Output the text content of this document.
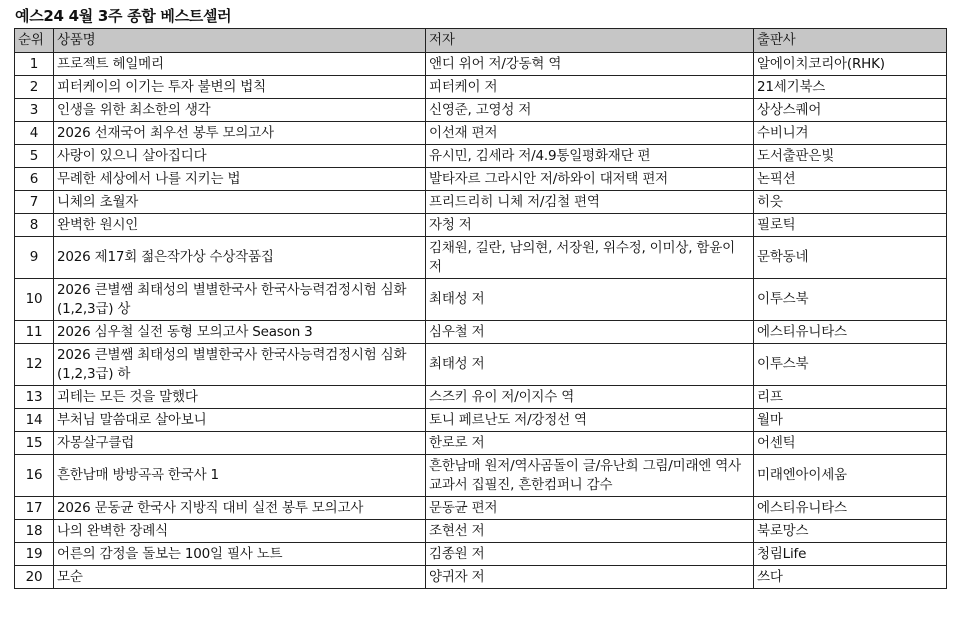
예스24 4월 3주 종합 베스트셀러
순위	상품명	저자	출판사
1	프로젝트 헤일메리	앤디 위어 저/강동혁 역	알에이치코리아(RHK)
2	피터케이의 이기는 투자 불변의 법칙	피터케이 저	21세기북스
3	인생을 위한 최소한의 생각	신영준, 고영성 저	상상스퀘어
4	2026 선재국어 최우선 봉투 모의고사	이선재 편저	수비니겨
5	사랑이 있으니 살아집디다	유시민, 김세라 저/4.9통일평화재단 편	도서출판은빛
6	무례한 세상에서 나를 지키는 법	발타자르 그라시안 저/하와이 대저택 편저	논픽션
7	니체의 초월자	프리드리히 니체 저/김철 편역	히읏
8	완벽한 원시인	자청 저	필로틱
9	2026 제17회 젊은작가상 수상작품집	김채원, 길란, 남의현, 서장원, 위수정, 이미상, 함윤이 저	문학동네
10	2026 큰별쌤 최태성의 별별한국사 한국사능력검정시험 심화(1,2,3급) 상	최태성 저	이투스북
11	2026 심우철 실전 동형 모의고사 Season 3	심우철 저	에스티유니타스
12	2026 큰별쌤 최태성의 별별한국사 한국사능력검정시험 심화(1,2,3급) 하	최태성 저	이투스북
13	괴테는 모든 것을 말했다	스즈키 유이 저/이지수 역	리프
14	부처님 말씀대로 살아보니	토니 페르난도 저/강정선 역	월마
15	자몽살구클럽	한로로 저	어센틱
16	흔한남매 방방곡곡 한국사 1	흔한남매 원저/역사곰돌이 글/유난희 그림/미래엔 역사 교과서 집필진, 흔한컴퍼니 감수	미래엔아이세움
17	2026 문동균 한국사 지방직 대비 실전 봉투 모의고사	문동균 편저	에스티유니타스
18	나의 완벽한 장례식	조현선 저	북로망스
19	어른의 감정을 돌보는 100일 필사 노트	김종원 저	청림Life
20	모순	양귀자 저	쓰다
